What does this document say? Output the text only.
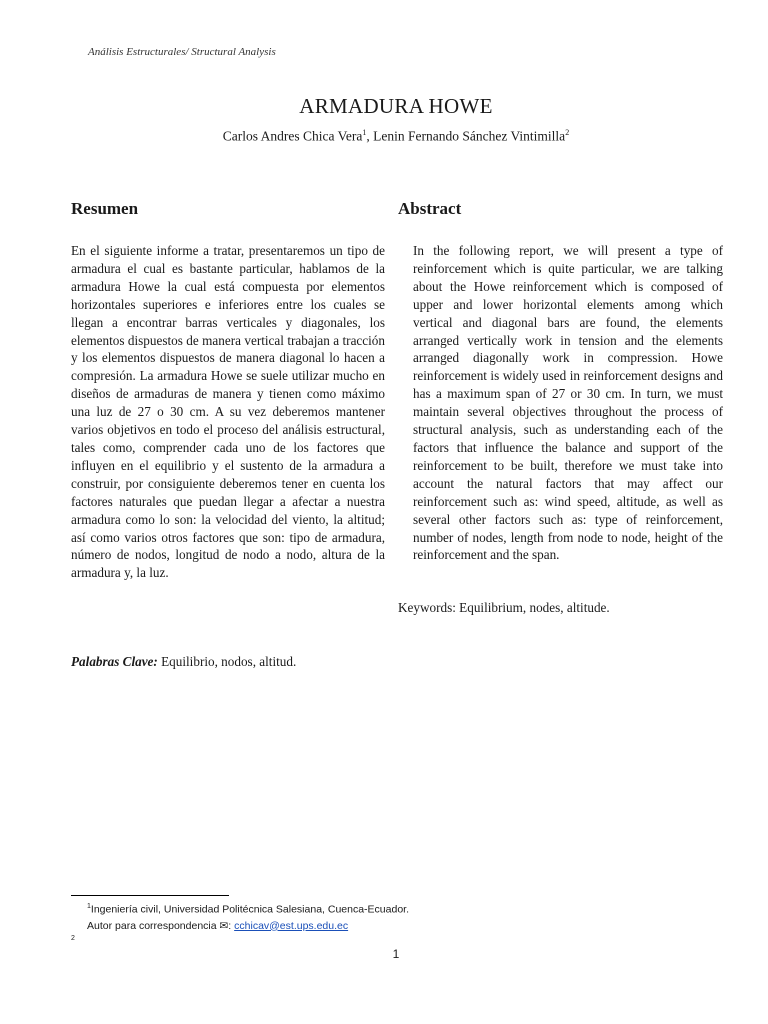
Análisis Estructurales/ Structural Analysis
ARMADURA HOWE
Carlos Andres Chica Vera$^1$, Lenin Fernando Sánchez Vintimilla$^2$
Resumen	Abstract

En el siguiente informe a tratar, presentaremos un tipo de armadura el cual es bastante particular, hablamos de la armadura Howe la cual está compuesta por elementos horizontales superiores e inferiores entre los cuales se llegan a encontrar barras verticales y diagonales, los elementos dispuestos de manera vertical trabajan a tracción y los elementos dispuestos de manera diagonal lo hacen a compresión. La armadura Howe se suele utilizar mucho en diseños de armaduras de manera y tienen como máximo una luz de 27 o 30 cm. A su vez deberemos mantener varios objetivos en todo el proceso del análisis estructural, tales como, comprender cada uno de los factores que influyen en el equilibrio y el sustento de la armadura a construir, por consiguiente deberemos tener en cuenta los factores naturales que puedan llegar a afectar a nuestra armadura como lo son: la velocidad del viento, la altitud; así como varios otros factores que son: tipo de armadura, número de nodos, longitud de nodo a nodo, altura de la armadura y, la luz.

Palabras Clave: Equilibrio, nodos, altitud.

In the following report, we will present a type of reinforcement which is quite particular, we are talking about the Howe reinforcement which is composed of upper and lower horizontal elements among which vertical and diagonal bars are found, the elements arranged vertically work in tension and the elements arranged diagonally work in compression. Howe reinforcement is widely used in reinforcement designs and has a maximum span of 27 or 30 cm. In turn, we must maintain several objectives throughout the process of structural analysis, such as understanding each of the factors that influence the balance and support of the reinforcement to be built, therefore we must take into account the natural factors that may affect our reinforcement such as: wind speed, altitude, as well as several other factors such as: type of reinforcement, number of nodes, length from node to node, height of the reinforcement and the span.

Keywords: Equilibrium, nodes, altitude.
$^1$Ingeniería civil, Universidad Politécnica Salesiana, Cuenca-Ecuador.
Autor para correspondencia ✉: cchicav@est.ups.edu.ec
2
1
